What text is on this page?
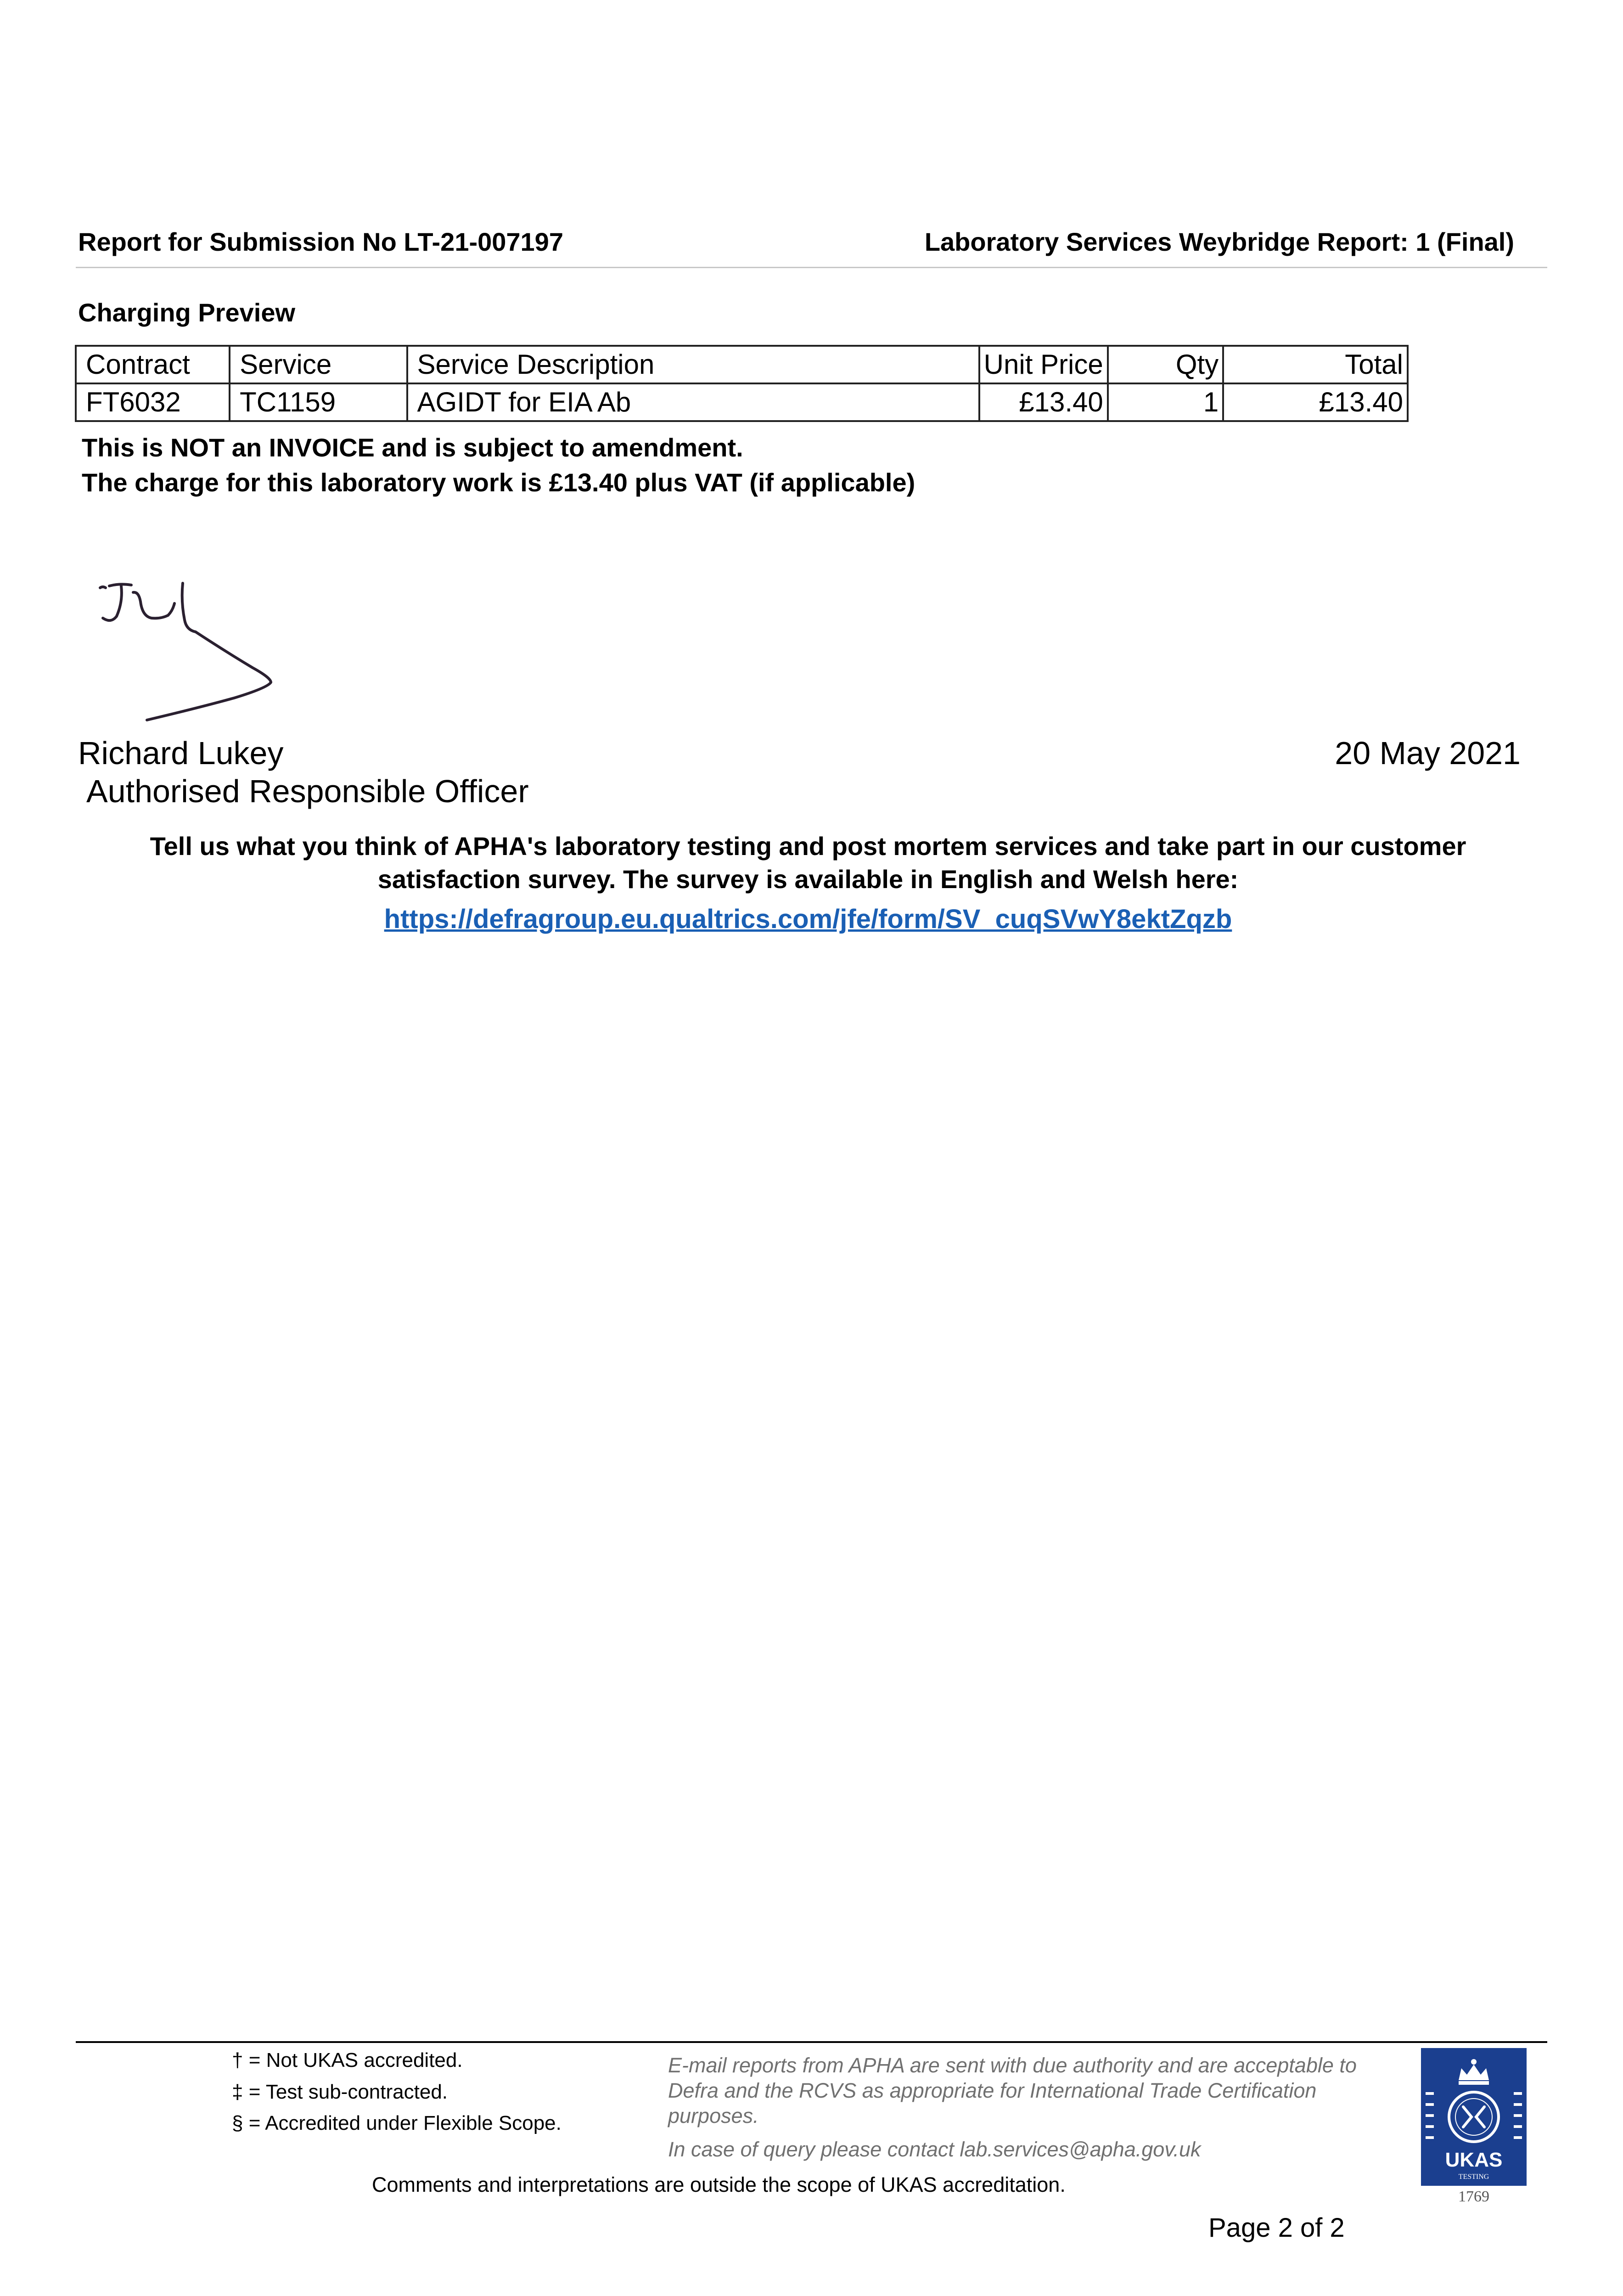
Report for Submission No LT-21-007197	Laboratory Services Weybridge Report: 1 (Final)
Charging Preview
Contract	Service	Service Description	Unit Price	Qty	Total
FT6032	TC1159	AGIDT for EIA Ab	£13.40	1	£13.40
This is NOT an INVOICE and is subject to amendment.
The charge for this laboratory work is £13.40 plus VAT (if applicable)
Richard Lukey
Authorised Responsible Officer
20 May 2021
Tell us what you think of APHA's laboratory testing and post mortem services and take part in our customer satisfaction survey. The survey is available in English and Welsh here:
https://defragroup.eu.qualtrics.com/jfe/form/SV_cuqSVwY8ektZqzb
† = Not UKAS accredited.
‡ = Test sub-contracted.
§ = Accredited under Flexible Scope.
E-mail reports from APHA are sent with due authority and are acceptable to Defra and the RCVS as appropriate for International Trade Certification purposes.
In case of query please contact lab.services@apha.gov.uk
Comments and interpretations are outside the scope of UKAS accreditation.
Page 2 of 2
UKAS
TESTING
1769
